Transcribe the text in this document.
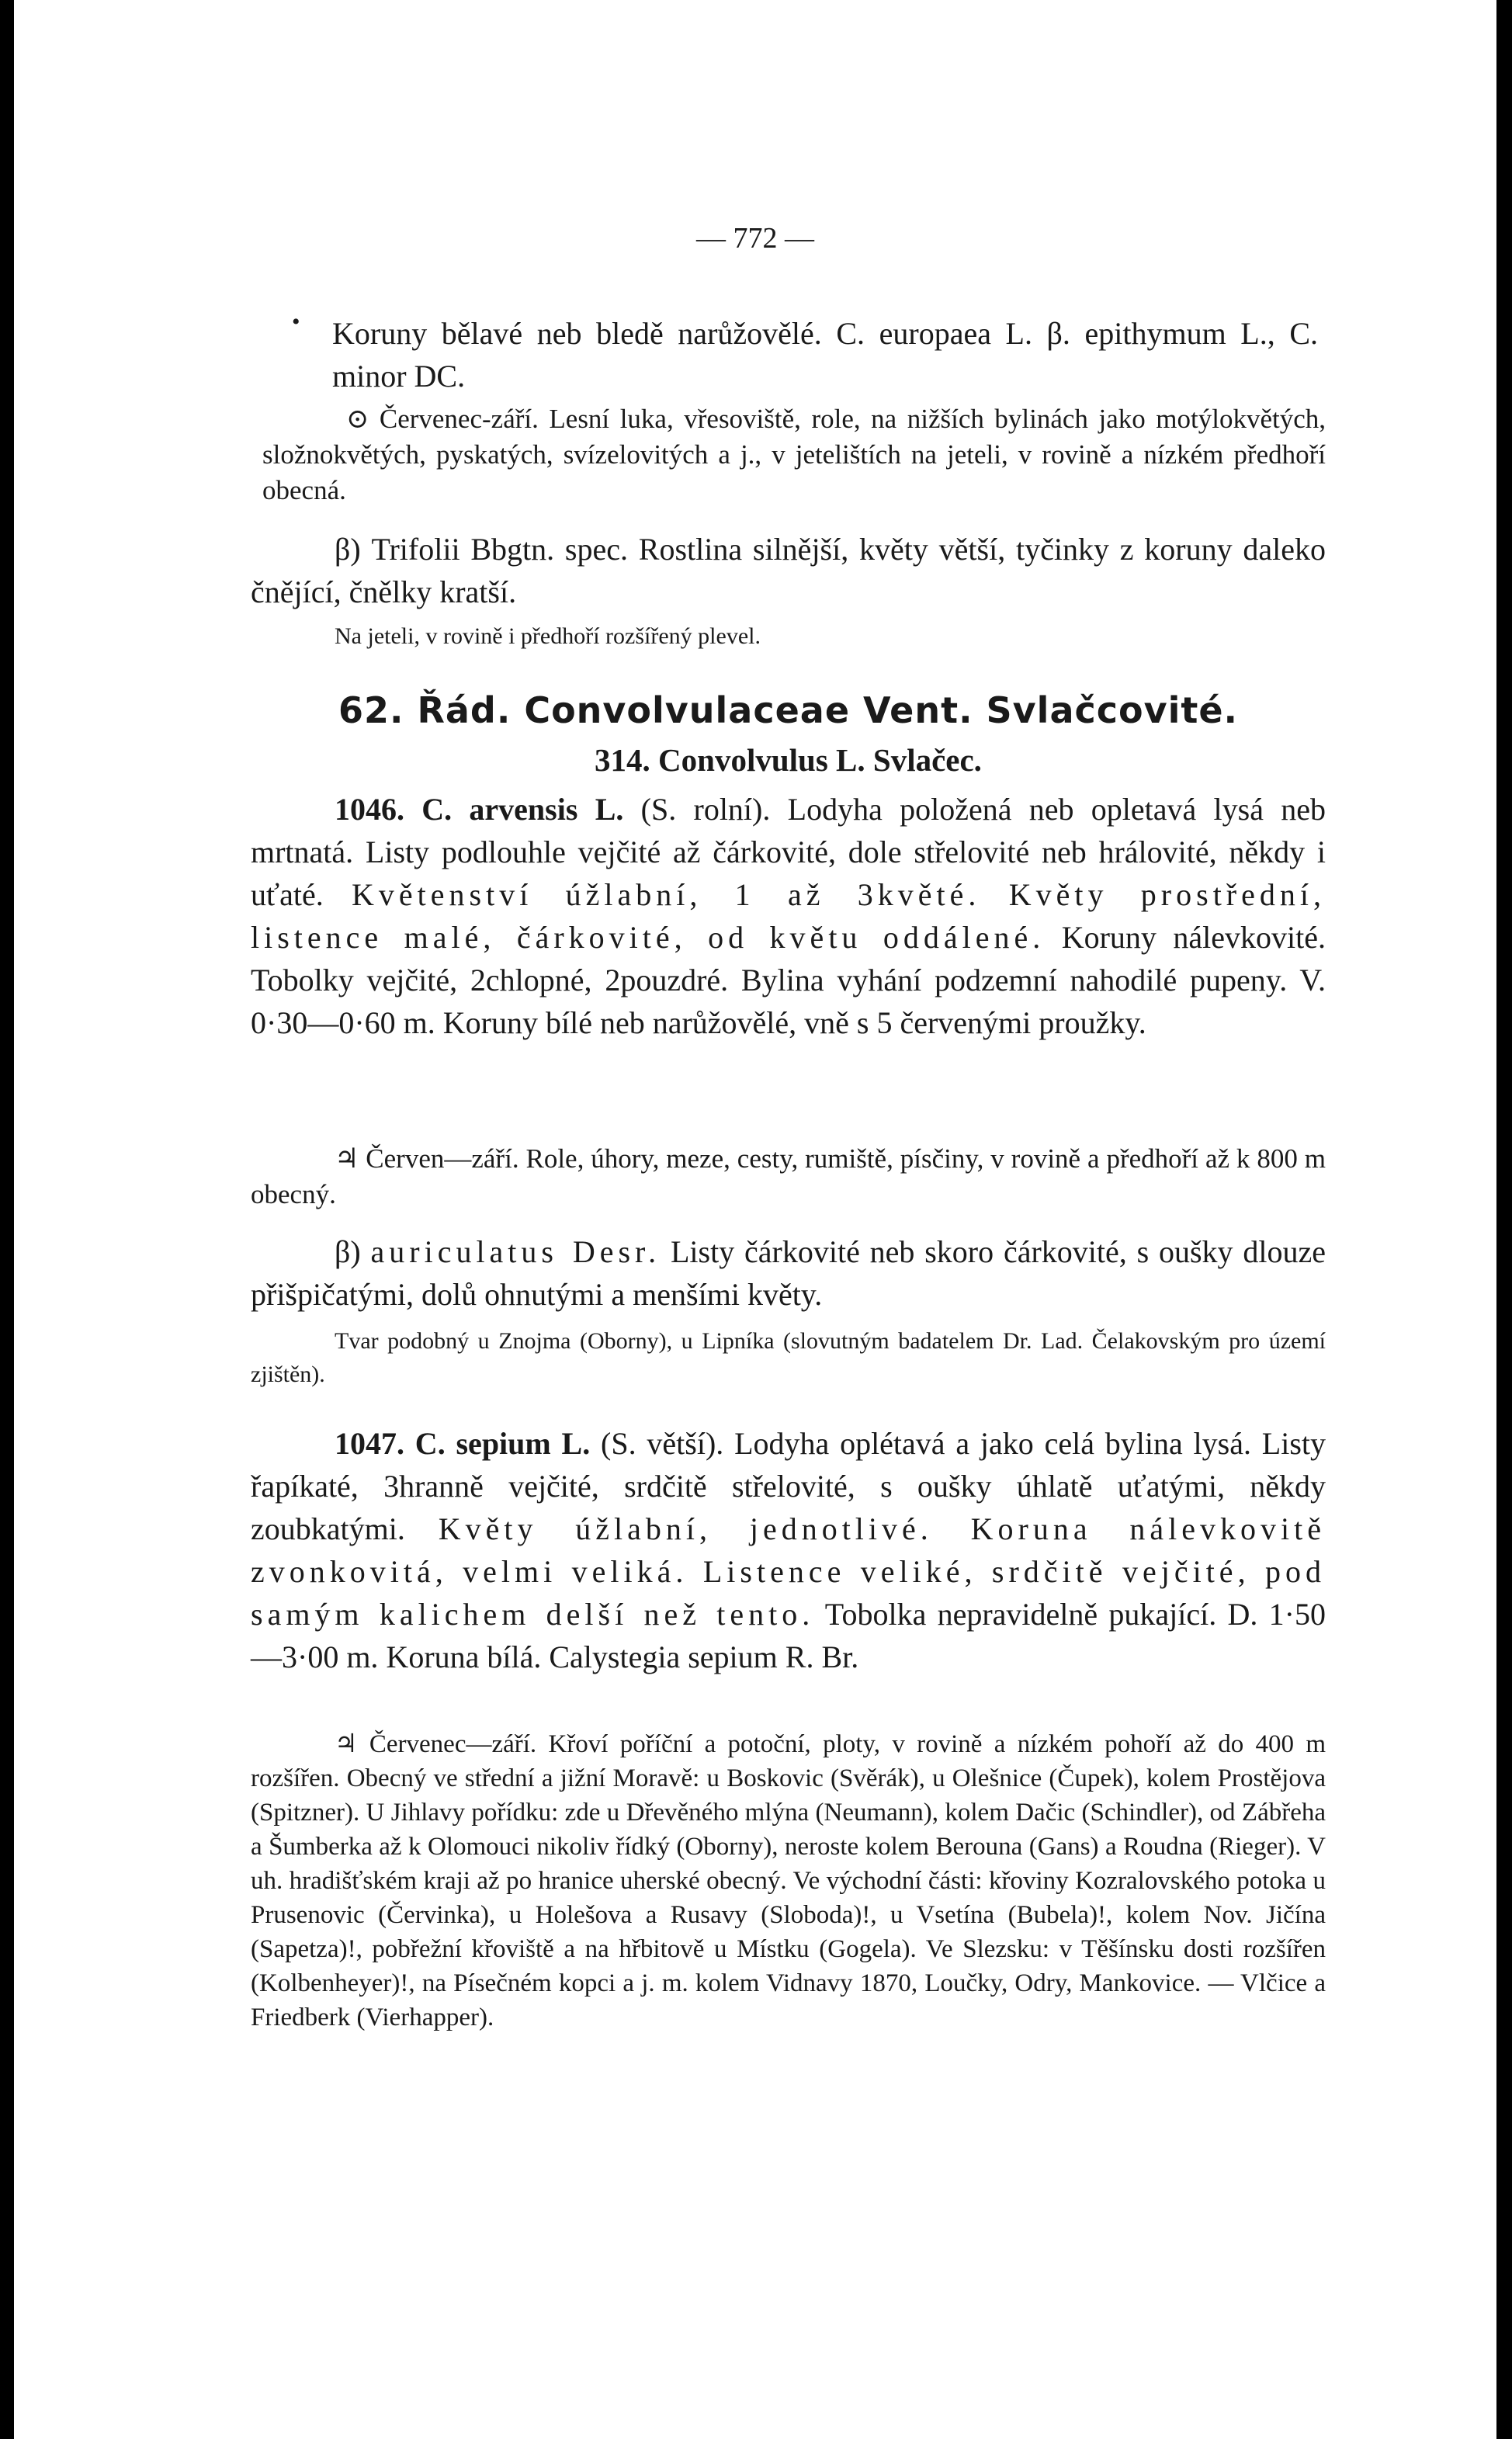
— 772 —
• Koruny bělavé neb bledě narůžovělé. C. europaea L. β. epithymum L., C. minor DC.

⊙ Červenec-září. Lesní luka, vřesoviště, role, na nižších bylinách jako motýlokvětých, složnokvětých, pyskatých, svízelovitých a j., v jetelištích na jeteli, v rovině a nízkém předhoří obecná.

β) Trifolii Bbgtn. spec. Rostlina silnější, květy větší, tyčinky z koruny daleko čnějící, čnělky kratší.

Na jeteli, v rovině i předhoří rozšířený plevel.

62. Řád. Convolvulaceae Vent. Svlačcovité.
314. Convolvulus L. Svlačec.

1046. C. arvensis L. (S. rolní). Lodyha položená neb opletavá lysá neb mrtnatá. Listy podlouhle vejčité až čárkovité, dole střelovité neb hrálovité, někdy i uťaté. Květenství úžlabní, 1 až 3květé. Květy prostřední, listence malé, čárkovité, od květu oddálené. Koruny nálevkovité. Tobolky vejčité, 2chlopné, 2pouzdré. Bylina vyhání podzemní nahodilé pupeny. V. 0·30—0·60 m. Koruny bílé neb narůžovělé, vně s 5 červenými proužky.

♃ Červen—září. Role, úhory, meze, cesty, rumiště, písčiny, v rovině a předhoří až k 800 m obecný.

β) auriculatus Desr. Listy čárkovité neb skoro čárkovité, s oušky dlouze přišpičatými, dolů ohnutými a menšími květy.

Tvar podobný u Znojma (Oborny), u Lipníka (slovutným badatelem Dr. Lad. Čelakovským pro území zjištěn).

1047. C. sepium L. (S. větší). Lodyha oplétavá a jako celá bylina lysá. Listy řapíkaté, 3hranně vejčité, srdčitě střelovité, s oušky úhlatě uťatými, někdy zoubkatými. Květy úžlabní, jednotlivé. Koruna nálevkovitě zvonkovitá, velmi veliká. Listence veliké, srdčitě vejčité, pod samým kalichem delší než tento. Tobolka nepravidelně pukající. D. 1·50—3·00 m. Koruna bílá. Calystegia sepium R. Br.

♃ Červenec—září. Křoví poříční a potoční, ploty, v rovině a nízkém pohoří až do 400 m rozšířen. Obecný ve střední a jižní Moravě: u Boskovic (Svěrák), u Olešnice (Čupek), kolem Prostějova (Spitzner). U Jihlavy pořídku: zde u Dřevěného mlýna (Neumann), kolem Dačic (Schindler), od Zábřeha a Šumberka až k Olomouci nikoliv řídký (Oborny), neroste kolem Berouna (Gans) a Roudna (Rieger). V uh. hradišťském kraji až po hranice uherské obecný. Ve východní části: křoviny Kozralovského potoka u Prusenovic (Červinka), u Holešova a Rusavy (Sloboda)!, u Vsetína (Bubela)!, kolem Nov. Jičína (Sapetza)!, pobřežní křoviště a na hřbitově u Místku (Gogela). Ve Slezsku: v Těšínsku dosti rozšířen (Kolbenheyer)!, na Písečném kopci a j. m. kolem Vidnavy 1870, Loučky, Odry, Mankovice. — Vlčice a Friedberk (Vierhapper).
